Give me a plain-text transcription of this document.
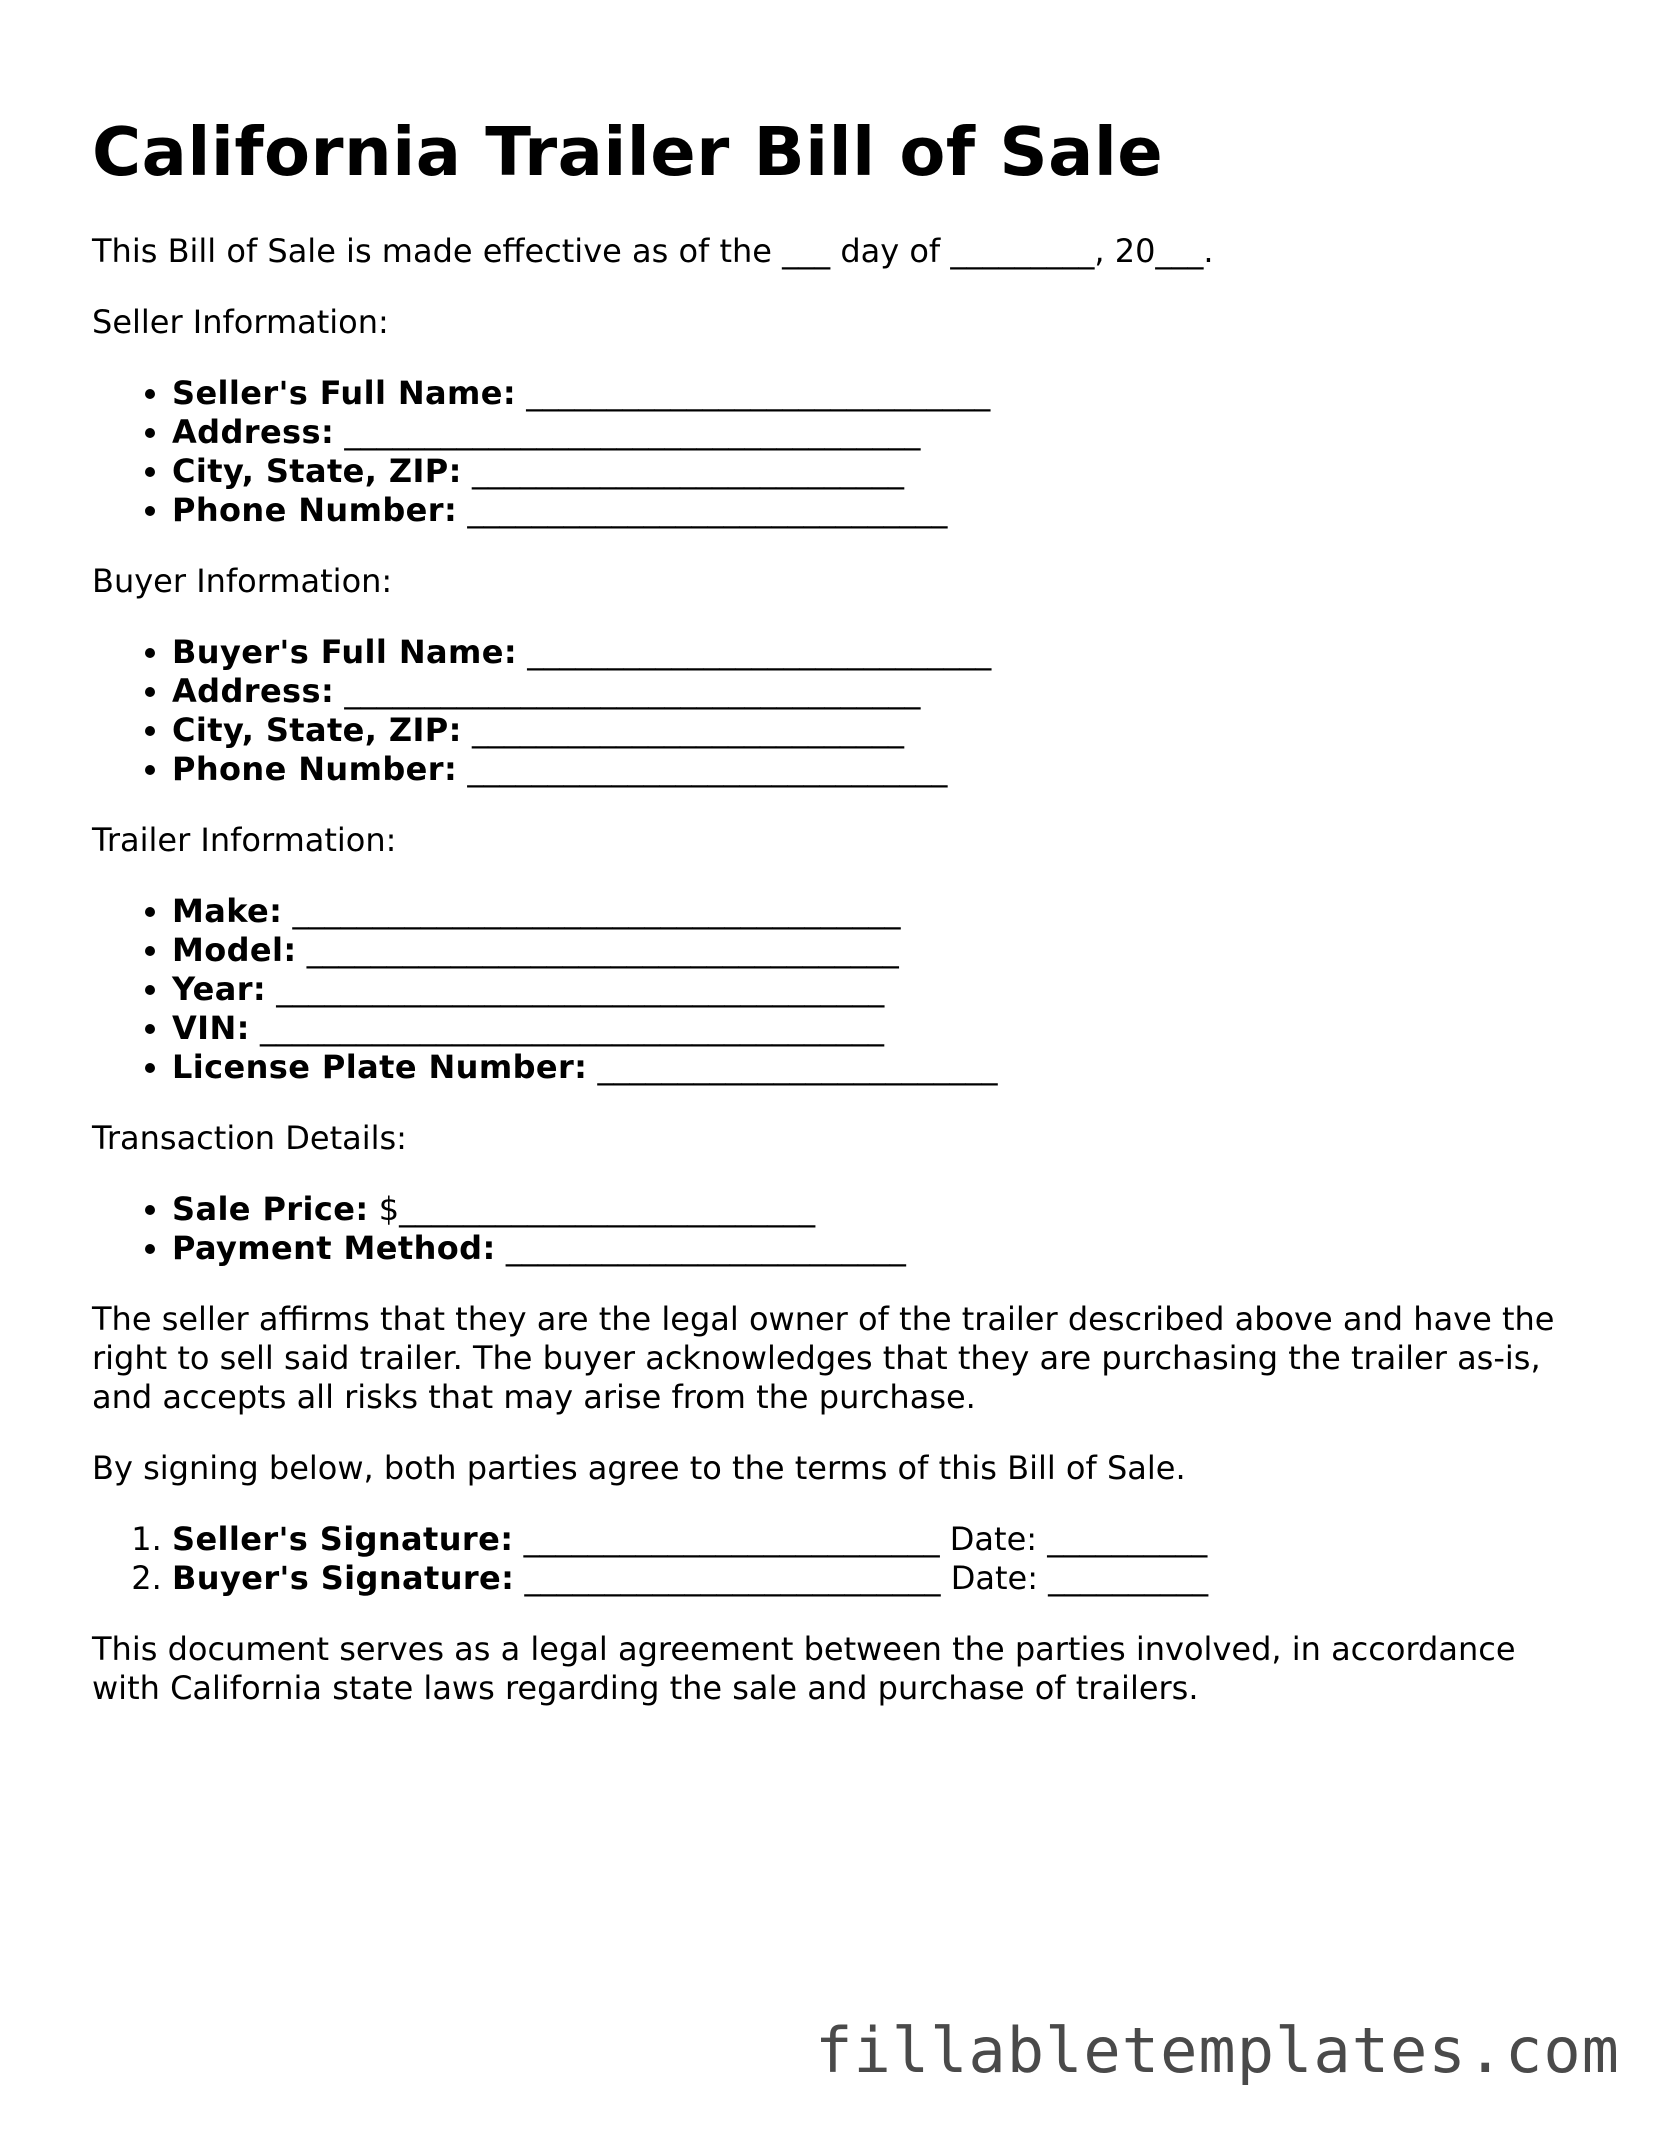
California Trailer Bill of Sale

This Bill of Sale is made effective as of the ___ day of _________, 20___.

Seller Information:

• Seller's Full Name: _____________________________
• Address: ____________________________________
• City, State, ZIP: ___________________________
• Phone Number: ______________________________

Buyer Information:

• Buyer's Full Name: _____________________________
• Address: ____________________________________
• City, State, ZIP: ___________________________
• Phone Number: ______________________________

Trailer Information:

• Make: ______________________________________
• Model: _____________________________________
• Year: ______________________________________
• VIN: _______________________________________
• License Plate Number: _________________________

Transaction Details:

• Sale Price: $__________________________
• Payment Method: _________________________

The seller affirms that they are the legal owner of the trailer described above and have the right to sell said trailer. The buyer acknowledges that they are purchasing the trailer as-is, and accepts all risks that may arise from the purchase.

By signing below, both parties agree to the terms of this Bill of Sale.

1. Seller's Signature: __________________________ Date: __________
2. Buyer's Signature: __________________________ Date: __________

This document serves as a legal agreement between the parties involved, in accordance with California state laws regarding the sale and purchase of trailers.

fillabletemplates.com
